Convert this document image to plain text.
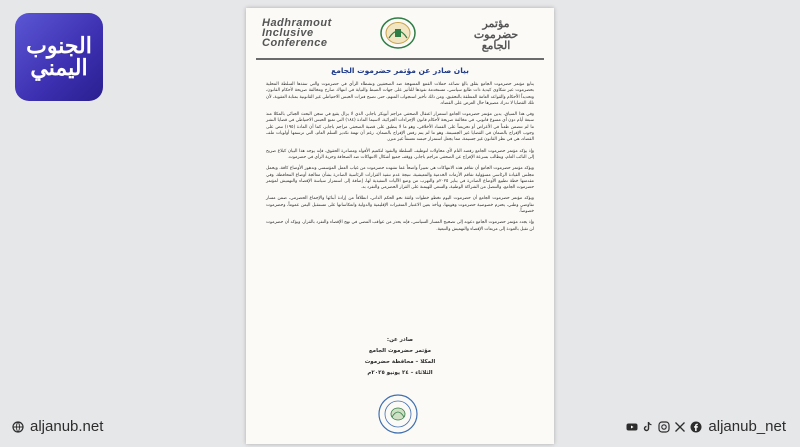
الجنوب اليمني
Hadhramout
Inclusive
Conference
مؤتمر
حضرموت
الجامع
بيان صادر عن مؤتمر حضرموت الجامع

يتابع مؤتمر حضرموت الجامع بقلق بالغ تصاعد حملات القمع الممنهجة ضد الصحفيين ونشطاء الرأي في حضرموت والتي تنفذها السلطة المحلية بحضرموت عبر شكاوى كيدية ذات طابع سياسي، مستخدمة نفوذها للتأثير على جهات الضبط والنيابة في انتهاك صارخ ومخالفة صريحة لأحكام القانون، وتحديداً الأحكام والقواعد العامة المتعلقة بالتحقيق، ومن ذلك تأخير استجواب المتهم، حتى تصبح فترات الحبس الاحتياطي غير القانونية بمثابة العقوبة، لأن تلك القضايا لا تدرك مصيرها حال العرض على القضاء.

وفي هذا السياق، يدين مؤتمر حضرموت الجامع استمرار اعتقال الصحفي مراجم أبوبكر باجابر، الذي لا يزال يقبع في سجن البحث الجنائي بالمكلا منذ سبعة أيام دون أي مسوغ قانوني، في مخالفة صريحة لأحكام قانون الإجراءات الجزائية، لاسيما المادة (١٨٤) التي تمنع الحبس الاحتياطي في قضايا النشر ما لم تتضمن طعناً في الأعراض أو تحريضاً على الفساد الأخلاقي، وهو ما لا ينطبق على قضية الصحفي مراجم باجابر، كما أن المادة (١٩٥) تنص على وجوب الإفراج بالضمان في القضايا غير الجسيمة، وهو ما لم يتم رفض الإفراج بالضمان، رغم أن تهمة تكدير السلم العام، التي ترسمها أولويات ملف القضاء، هي في نظر القانون غير جسيمة، مما يجعل استمرار حبسه تعسفاً غير مبرر.

وإذ يؤكد مؤتمر حضرموت الجامع رفضه التام لأي محاولات لتوظيف السلطة والنفوذ لتكميم الأفواه ومصادرة الحقوق، فإنه يوجه هذا البيان كبلاغ صريح إلى النائب العام، ويطالب بسرعة الإفراج عن الصحفي مراجم باجابر، ووقف جميع أشكال الانتهاكات ضد الصحافة وحرية الرأي في حضرموت.

ويؤكد مؤتمر حضرموت الجامع أن تفاقم هذه الانتهاكات هي تعبيراً واضحاً عما تشهده حضرموت من غياب العمل المؤسسي وتدهور الأوضاع كافة، ويحمل مجلس القيادة الرئاسي مسؤولية تفاقم الأزمات الخدمية والمعيشية، نتيجة عدم تنفيذ القرارات الرئاسية الصادرة بشأن معالجة أوضاع المحافظة، وفي مقدمتها خطة تطبيع الأوضاع الصادرة في يناير ٢٠٢٥م والتهرب من وضع الآليات التنفيذية لها، إضافة إلى استمرار سياسة الإقصاء والتهميش لمؤتمر حضرموت الجامع، والتنصل من الشراكة الوطنية، والسعي للهيمنة على القرار الحضرمي والتفرد به.

ويؤكد مؤتمر حضرموت الجامع أن حضرموت اليوم تخطو خطوات واثقة نحو الحكم الذاتي، انطلاقاً من إرادة أبنائها والإجماع الحضرمي، ضمن مسار تفاوضي وطني، يحترم خصوصية حضرموت وهويتها، ويأخذ بعين الاعتبار المتغيرات الإقليمية والدولية وانعكاساتها على مستقبل اليمن عموماً، وحضرموت خصوصاً.

وإذ يجدد مؤتمر حضرموت الجامع دعوته إلى تصحيح المسار السياسي، فإنه يحذر من عواقب المضي في نهج الإقصاء والتفرد بالقرار، ويؤكد أن حضرموت لن تقبل بالعودة إلى مربعات الإقصاء والتهميش والتبعية.

صادر عن:
مؤتمر حضرموت الجامع
المكلا – محافظة حضرموت
الثلاثاء – ٢٤ يونيو ٢٠٢٥م
aljanub.net	aljanub_net
